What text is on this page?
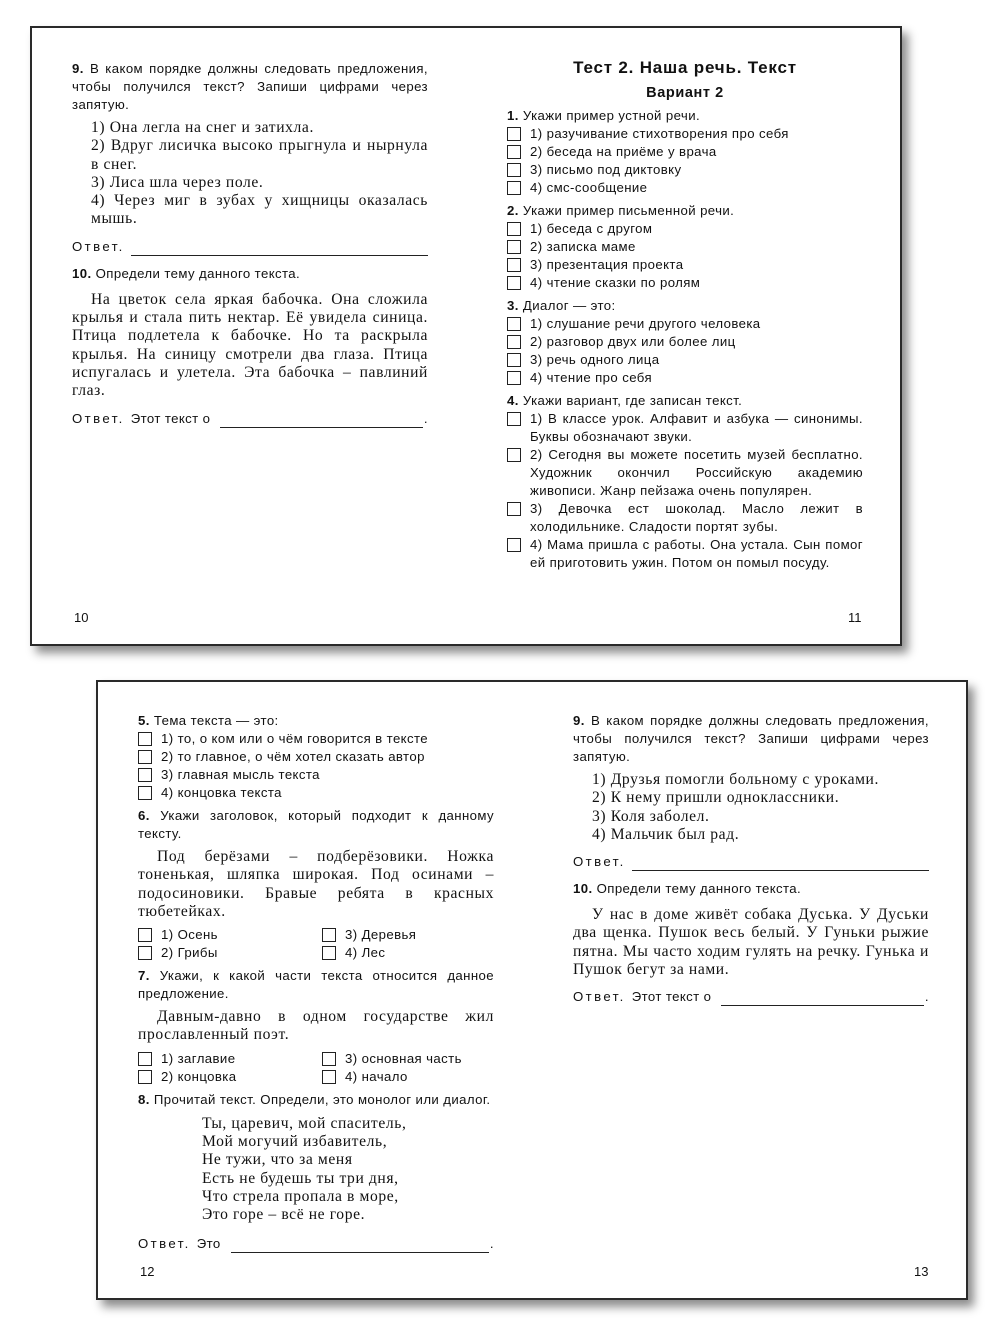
9. В каком порядке должны следовать предложения, чтобы получился текст? Запиши цифрами через запятую.
1) Она легла на снег и затихла.
2) Вдруг лисичка высоко прыгнула и нырнула в снег.
3) Лиса шла через поле.
4) Через миг в зубах у хищницы оказалась мышь.
Ответ.
10. Определи тему данного текста.
На цветок села яркая бабочка. Она сложила крылья и стала пить нектар. Её увидела синица. Птица подлетела к бабочке. Но та раскрыла крылья. На синицу смотрели два глаза. Птица испугалась и улетела. Эта бабочка – павлиний глаз.
Ответ. Этот текст о	.
10
Тест 2. Наша речь. Текст
Вариант 2
1. Укажи пример устной речи.
1) разучивание стихотворения про себя
2) беседа на приёме у врача
3) письмо под диктовку
4) смс-сообщение
2. Укажи пример письменной речи.
1) беседа с другом
2) записка маме
3) презентация проекта
4) чтение сказки по ролям
3. Диалог — это:
1) слушание речи другого человека
2) разговор двух или более лиц
3) речь одного лица
4) чтение про себя
4. Укажи вариант, где записан текст.
1) В классе урок. Алфавит и азбука — синонимы. Буквы обозначают звуки.
2) Сегодня вы можете посетить музей бесплатно. Художник окончил Российскую академию живописи. Жанр пейзажа очень популярен.
3) Девочка ест шоколад. Масло лежит в холодильнике. Сладости портят зубы.
4) Мама пришла с работы. Она устала. Сын помог ей приготовить ужин. Потом он помыл посуду.
11
5. Тема текста — это:
1) то, о ком или о чём говорится в тексте
2) то главное, о чём хотел сказать автор
3) главная мысль текста
4) концовка текста
6. Укажи заголовок, который подходит к данному тексту.
Под берёзами – подберёзовики. Ножка тоненькая, шляпка широкая. Под осинами – подосиновики. Бравые ребята в красных тюбетейках.
1) Осень	3) Деревья
2) Грибы	4) Лес
7. Укажи, к какой части текста относится данное предложение.
Давным-давно в одном государстве жил прославленный поэт.
1) заглавие	3) основная часть
2) концовка	4) начало
8. Прочитай текст. Определи, это монолог или диалог.
Ты, царевич, мой спаситель,
Мой могучий избавитель,
Не тужи, что за меня
Есть не будешь ты три дня,
Что стрела пропала в море,
Это горе – всё не горе.
Ответ. Это	.
12
9. В каком порядке должны следовать предложения, чтобы получился текст? Запиши цифрами через запятую.
1) Друзья помогли больному с уроками.
2) К нему пришли одноклассники.
3) Коля заболел.
4) Мальчик был рад.
Ответ.
10. Определи тему данного текста.
У нас в доме живёт собака Дуська. У Дуськи два щенка. Пушок весь белый. У Гуньки рыжие пятна. Мы часто ходим гулять на речку. Гунька и Пушок бегут за нами.
Ответ. Этот текст о	.
13
